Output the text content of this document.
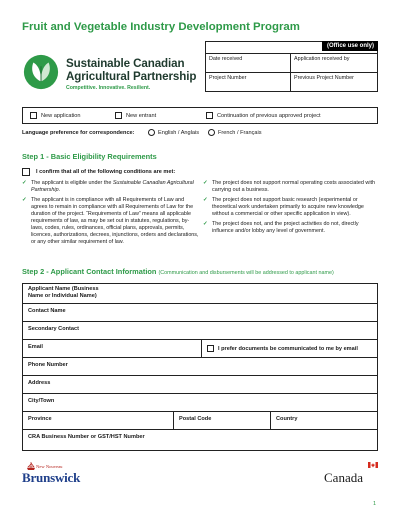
Fruit and Vegetable Industry Development Program
Sustainable Canadian
Agricultural Partnership
Competitive. Innovative. Resilient.
(Office use only)
Date received	Application received by
Project Number	Previous Project Number
New application	New entrant	Continuation of previous approved project
Language preference for correspondence:	English / Anglais	French / Français
Step 1 - Basic Eligibility Requirements
I confirm that all of the following conditions are met:
✓ The applicant is eligible under the Sustainable Canadian Agricultural Partnership.
✓ The applicant is in compliance with all Requirements of Law and agrees to remain in compliance with all Requirements of Law for the duration of the project. “Requirements of Law” means all applicable requirements of law, as may be set out in statutes, regulations, by-laws, codes, rules, ordinances, official plans, approvals, permits, licences, authorizations, decrees, injunctions, orders and declarations, or any other similar requirement of law.
✓ The project does not support normal operating costs associated with carrying out a business.
✓ The project does not support basic research (experimental or theoretical work undertaken primarily to acquire new knowledge without a commercial or other specific application in view).
✓ The project does not, and the project activities do not, directly influence and/or lobby any level of government.
Step 2 - Applicant Contact Information (Communication and disbursements will be addressed to applicant name)
Applicant Name (Business Name or Individual Name)
Contact Name
Secondary Contact
Email	I prefer documents be communicated to me by email
Phone Number
Address
City/Town
Province	Postal Code	Country
CRA Business Number or GST/HST Number
New Nouveau
Brunswick	Canada
1
